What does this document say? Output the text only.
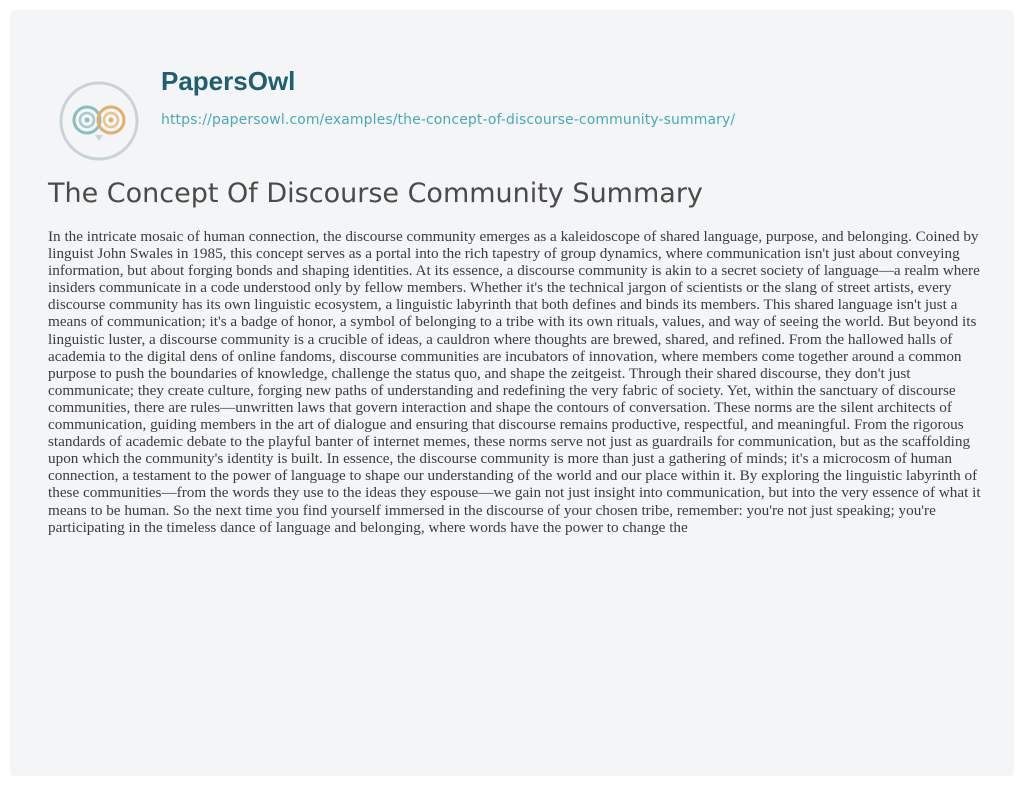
PapersOwl
https://papersowl.com/examples/the-concept-of-discourse-community-summary/
The Concept Of Discourse Community Summary

In the intricate mosaic of human connection, the discourse community emerges as a kaleidoscope of shared language, purpose, and belonging. Coined by linguist John Swales in 1985, this concept serves as a portal into the rich tapestry of group dynamics, where communication isn't just about conveying information, but about forging bonds and shaping identities. At its essence, a discourse community is akin to a secret society of language—a realm where insiders communicate in a code understood only by fellow members. Whether it's the technical jargon of scientists or the slang of street artists, every discourse community has its own linguistic ecosystem, a linguistic labyrinth that both defines and binds its members. This shared language isn't just a means of communication; it's a badge of honor, a symbol of belonging to a tribe with its own rituals, values, and way of seeing the world. But beyond its linguistic luster, a discourse community is a crucible of ideas, a cauldron where thoughts are brewed, shared, and refined. From the hallowed halls of academia to the digital dens of online fandoms, discourse communities are incubators of innovation, where members come together around a common purpose to push the boundaries of knowledge, challenge the status quo, and shape the zeitgeist. Through their shared discourse, they don't just communicate; they create culture, forging new paths of understanding and redefining the very fabric of society. Yet, within the sanctuary of discourse communities, there are rules—unwritten laws that govern interaction and shape the contours of conversation. These norms are the silent architects of communication, guiding members in the art of dialogue and ensuring that discourse remains productive, respectful, and meaningful. From the rigorous standards of academic debate to the playful banter of internet memes, these norms serve not just as guardrails for communication, but as the scaffolding upon which the community's identity is built. In essence, the discourse community is more than just a gathering of minds; it's a microcosm of human connection, a testament to the power of language to shape our understanding of the world and our place within it. By exploring the linguistic labyrinth of these communities—from the words they use to the ideas they espouse—we gain not just insight into communication, but into the very essence of what it means to be human. So the next time you find yourself immersed in the discourse of your chosen tribe, remember: you're not just speaking; you're participating in the timeless dance of language and belonging, where words have the power to change the
